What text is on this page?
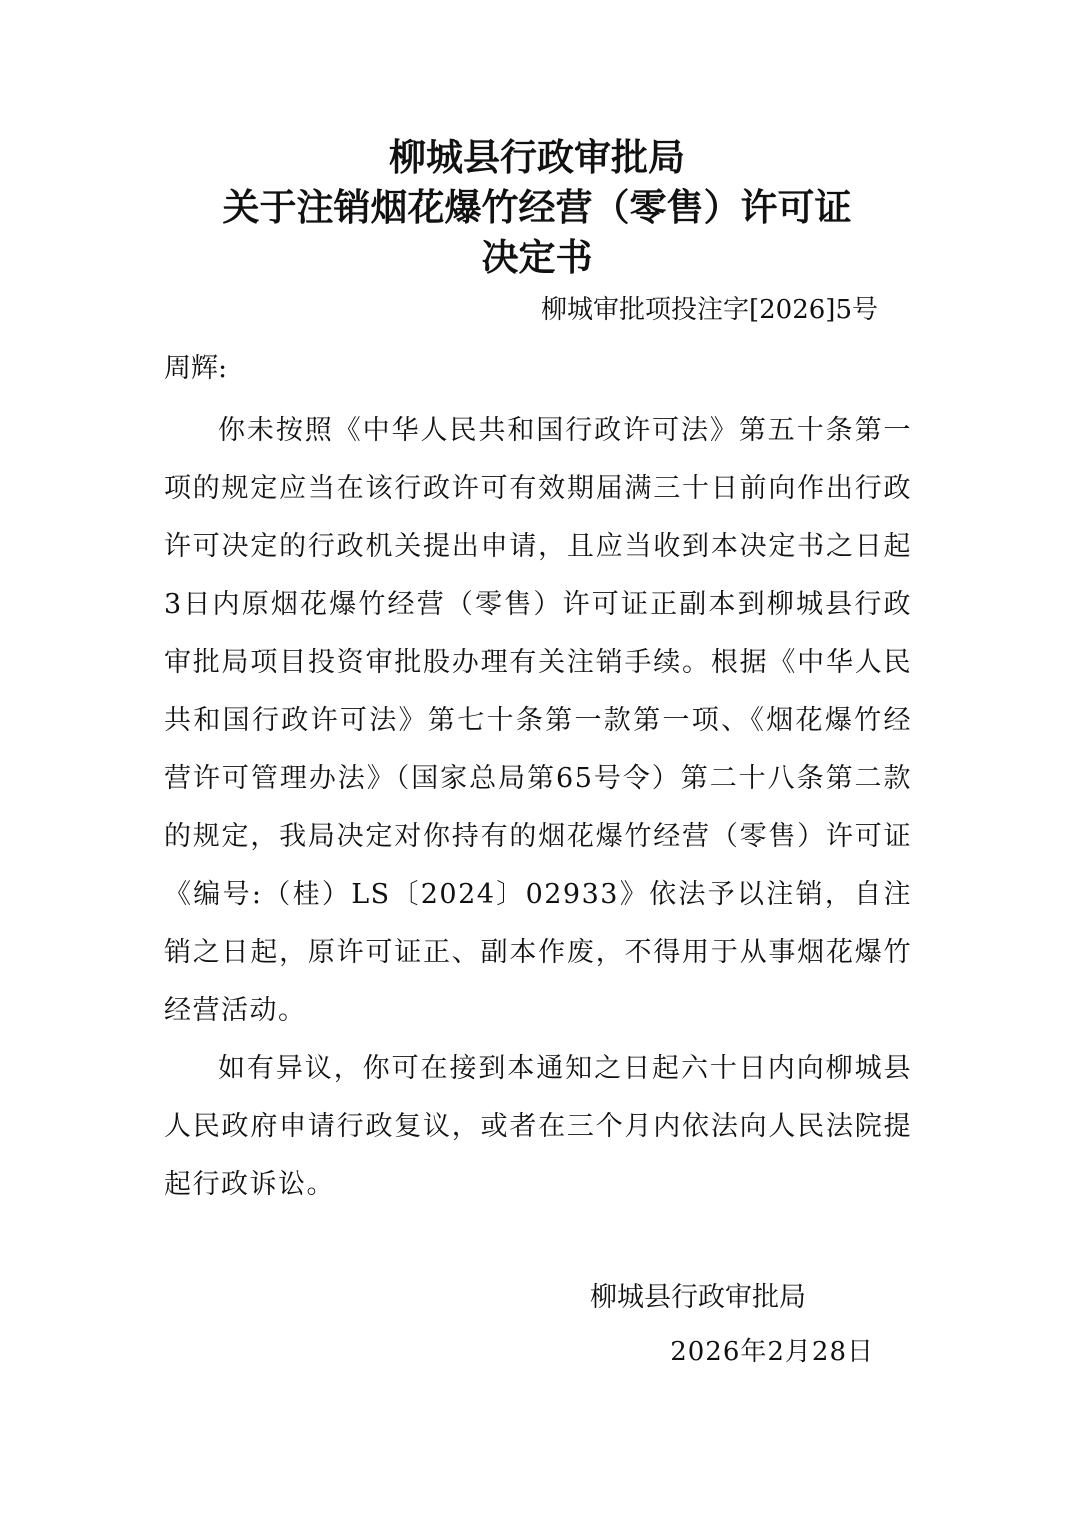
柳城县行政审批局
关于注销烟花爆竹经营（零售）许可证
决定书
柳城审批项投注字[2026]5号
周辉:

你未按照《中华人民共和国行政许可法》第五十条第一项的规定应当在该行政许可有效期届满三十日前向作出行政许可决定的行政机关提出申请，且应当收到本决定书之日起3日内原烟花爆竹经营（零售）许可证正副本到柳城县行政审批局项目投资审批股办理有关注销手续。根据《中华人民共和国行政许可法》第七十条第一款第一项、《烟花爆竹经营许可管理办法》（国家总局第65号令）第二十八条第二款的规定，我局决定对你持有的烟花爆竹经营（零售）许可证《编号:（桂）LS〔2024〕02933》依法予以注销，自注销之日起，原许可证正、副本作废，不得用于从事烟花爆竹经营活动。

如有异议，你可在接到本通知之日起六十日内向柳城县人民政府申请行政复议，或者在三个月内依法向人民法院提起行政诉讼。

柳城县行政审批局
2026年2月28日
